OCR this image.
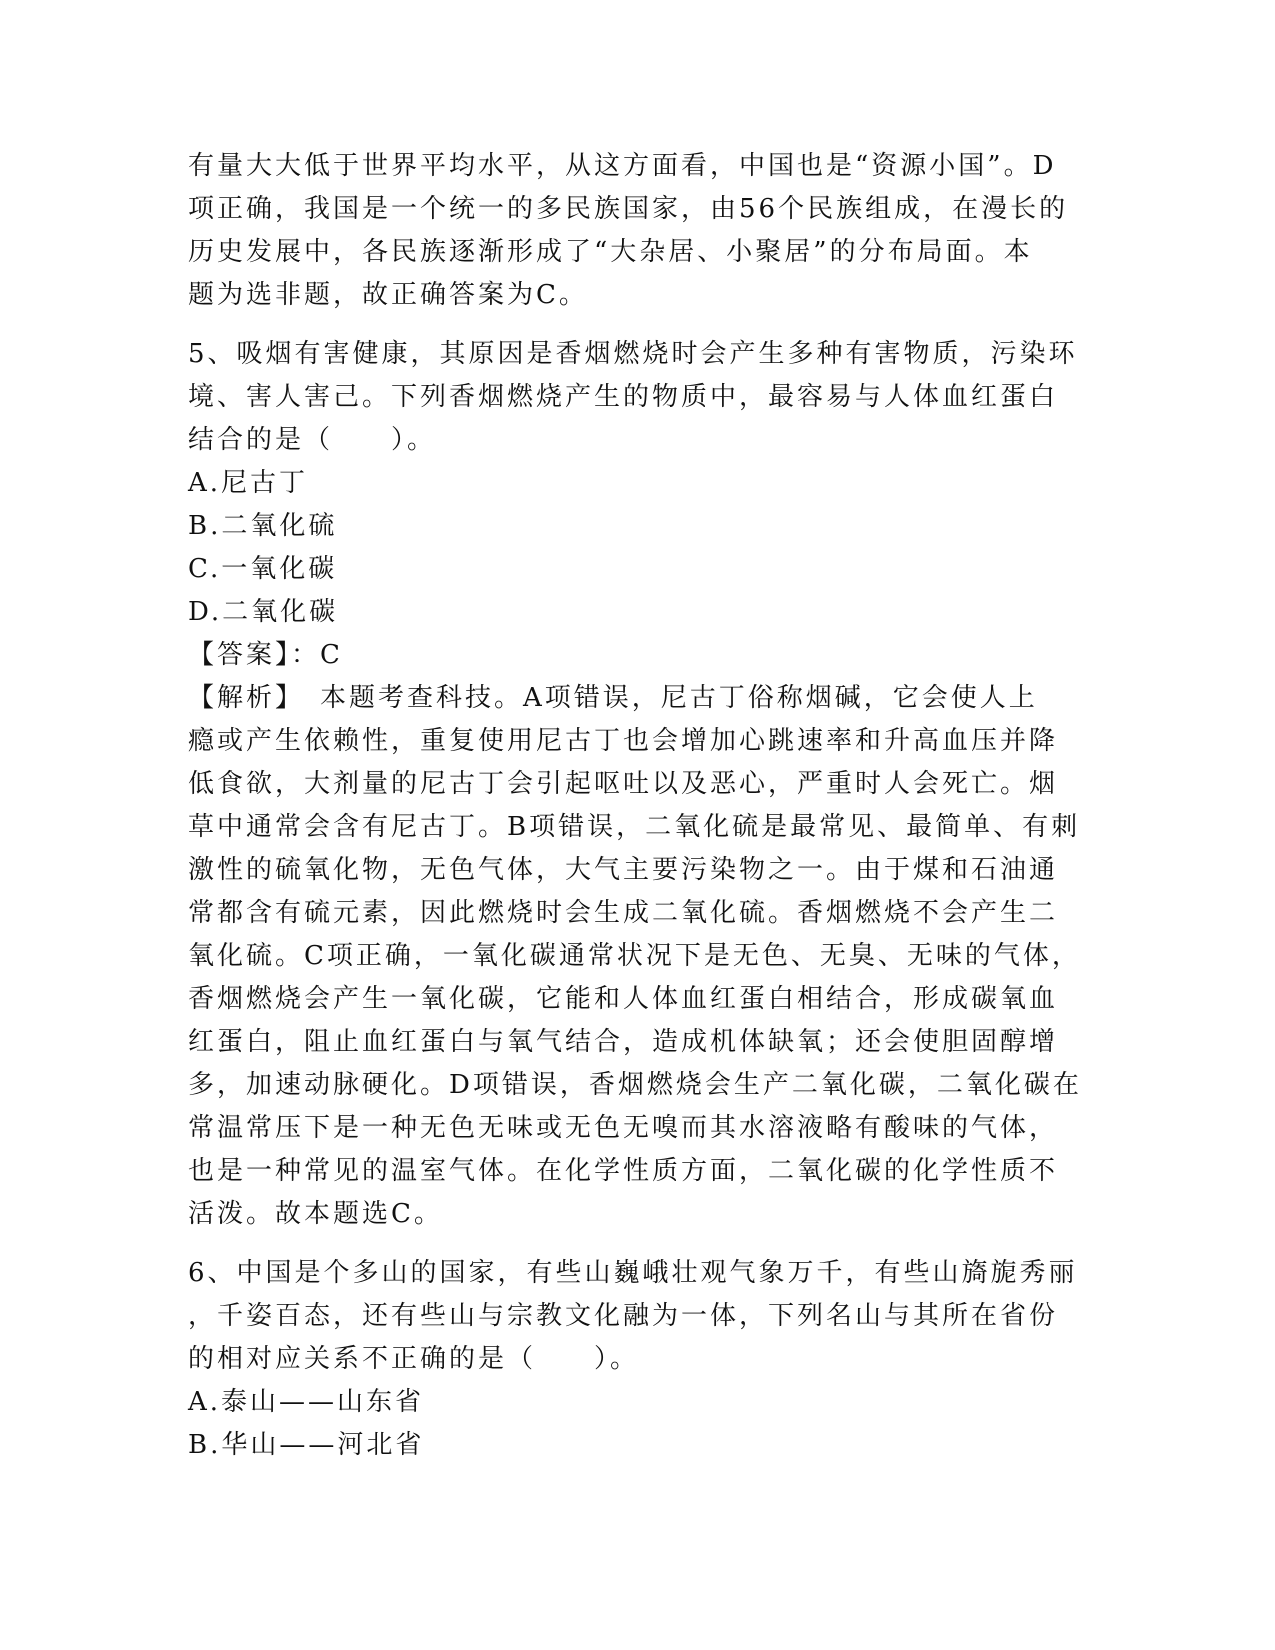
有量大大低于世界平均水平，从这方面看，中国也是“资源小国”。D
项正确，我国是一个统一的多民族国家，由56个民族组成，在漫长的
历史发展中，各民族逐渐形成了“大杂居、小聚居”的分布局面。本
题为选非题，故正确答案为C。
5、吸烟有害健康，其原因是香烟燃烧时会产生多种有害物质，污染环
境、害人害己。下列香烟燃烧产生的物质中，最容易与人体血红蛋白
结合的是（　　）。
A.尼古丁
B.二氧化硫
C.一氧化碳
D.二氧化碳
【答案】：C
【解析】　本题考查科技。A项错误，尼古丁俗称烟碱，它会使人上
瘾或产生依赖性，重复使用尼古丁也会增加心跳速率和升高血压并降
低食欲，大剂量的尼古丁会引起呕吐以及恶心，严重时人会死亡。烟
草中通常会含有尼古丁。B项错误，二氧化硫是最常见、最简单、有刺
激性的硫氧化物，无色气体，大气主要污染物之一。由于煤和石油通
常都含有硫元素，因此燃烧时会生成二氧化硫。香烟燃烧不会产生二
氧化硫。C项正确，一氧化碳通常状况下是无色、无臭、无味的气体，
香烟燃烧会产生一氧化碳，它能和人体血红蛋白相结合，形成碳氧血
红蛋白，阻止血红蛋白与氧气结合，造成机体缺氧；还会使胆固醇增
多，加速动脉硬化。D项错误，香烟燃烧会生产二氧化碳，二氧化碳在
常温常压下是一种无色无味或无色无嗅而其水溶液略有酸味的气体，
也是一种常见的温室气体。在化学性质方面，二氧化碳的化学性质不
活泼。故本题选C。
6、中国是个多山的国家，有些山巍峨壮观气象万千，有些山旖旎秀丽
，千姿百态，还有些山与宗教文化融为一体，下列名山与其所在省份
的相对应关系不正确的是（　　）。
A.泰山——山东省
B.华山——河北省
